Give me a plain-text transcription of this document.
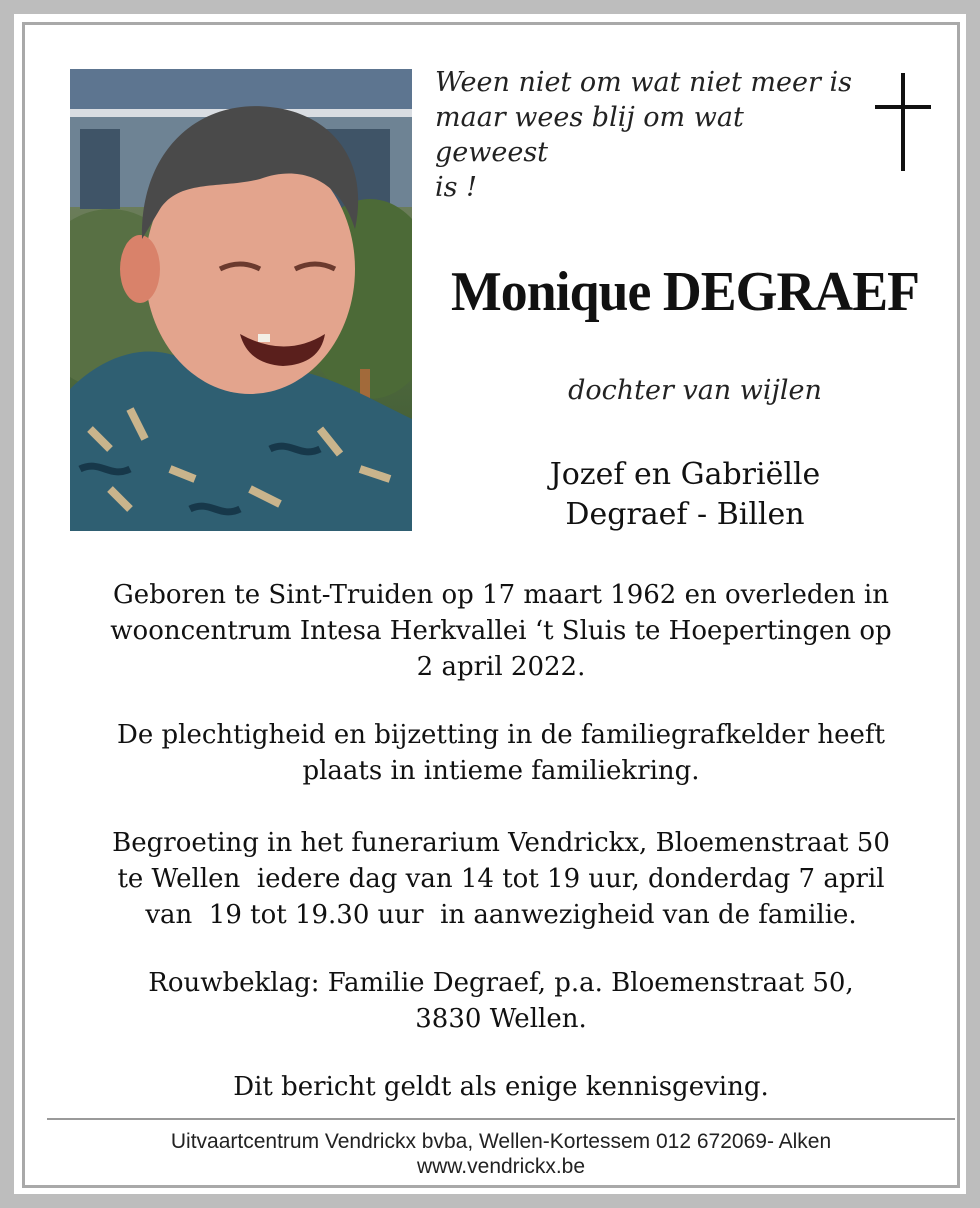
Ween niet om wat niet meer is
maar wees blij om wat geweest
is !
Monique DEGRAEF
dochter van wijlen
Jozef en Gabriëlle
Degraef - Billen
Geboren te Sint-Truiden op 17 maart 1962 en overleden in
wooncentrum Intesa Herkvallei ‘t Sluis te Hoepertingen op
2 april 2022.
De plechtigheid en bijzetting in de familiegrafkelder heeft
plaats in intieme familiekring.
Begroeting in het funerarium Vendrickx, Bloemenstraat 50
te Wellen  iedere dag van 14 tot 19 uur, donderdag 7 april
van  19 tot 19.30 uur  in aanwezigheid van de familie.
Rouwbeklag: Familie Degraef, p.a. Bloemenstraat 50,
3830 Wellen.
Dit bericht geldt als enige kennisgeving.
Uitvaartcentrum Vendrickx bvba, Wellen-Kortessem 012 672069- Alken
www.vendrickx.be
